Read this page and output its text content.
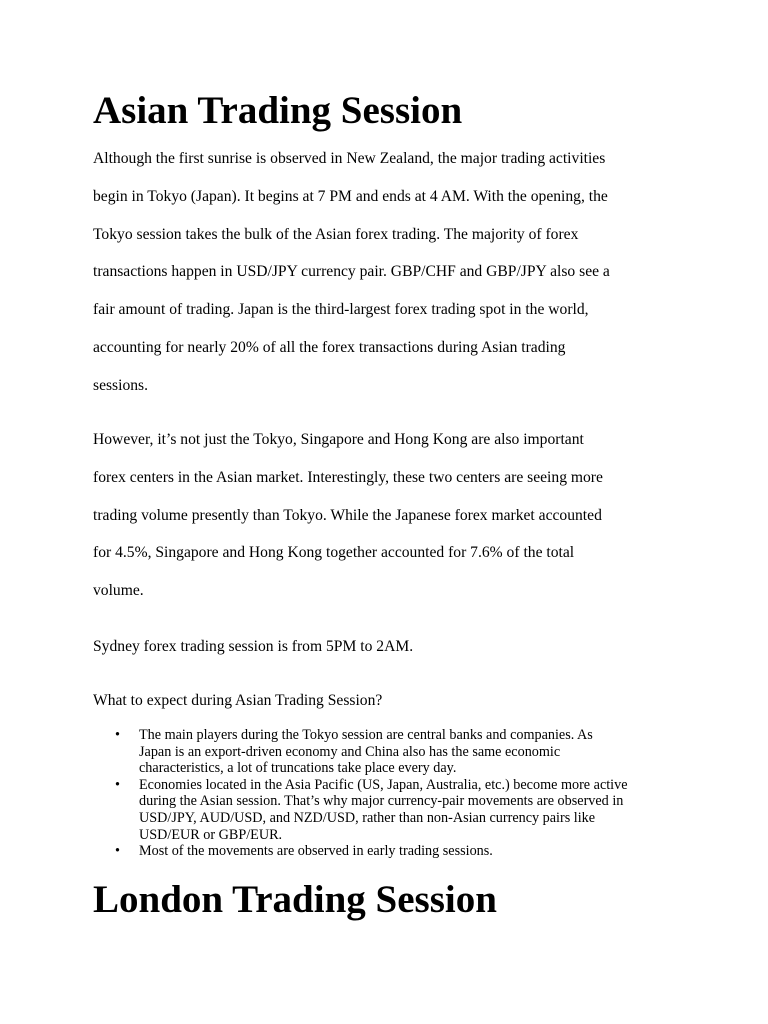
Asian Trading Session

Although the first sunrise is observed in New Zealand, the major trading activities
begin in Tokyo (Japan). It begins at 7 PM and ends at 4 AM. With the opening, the
Tokyo session takes the bulk of the Asian forex trading. The majority of forex
transactions happen in USD/JPY currency pair. GBP/CHF and GBP/JPY also see a
fair amount of trading. Japan is the third-largest forex trading spot in the world,
accounting for nearly 20% of all the forex transactions during Asian trading
sessions.

However, it’s not just the Tokyo, Singapore and Hong Kong are also important
forex centers in the Asian market. Interestingly, these two centers are seeing more
trading volume presently than Tokyo. While the Japanese forex market accounted
for 4.5%, Singapore and Hong Kong together accounted for 7.6% of the total
volume.

Sydney forex trading session is from 5PM to 2AM.

What to expect during Asian Trading Session?

• The main players during the Tokyo session are central banks and companies. As
Japan is an export-driven economy and China also has the same economic
characteristics, a lot of truncations take place every day.
• Economies located in the Asia Pacific (US, Japan, Australia, etc.) become more active
during the Asian session. That’s why major currency-pair movements are observed in
USD/JPY, AUD/USD, and NZD/USD, rather than non-Asian currency pairs like
USD/EUR or GBP/EUR.
• Most of the movements are observed in early trading sessions.
London Trading Session
